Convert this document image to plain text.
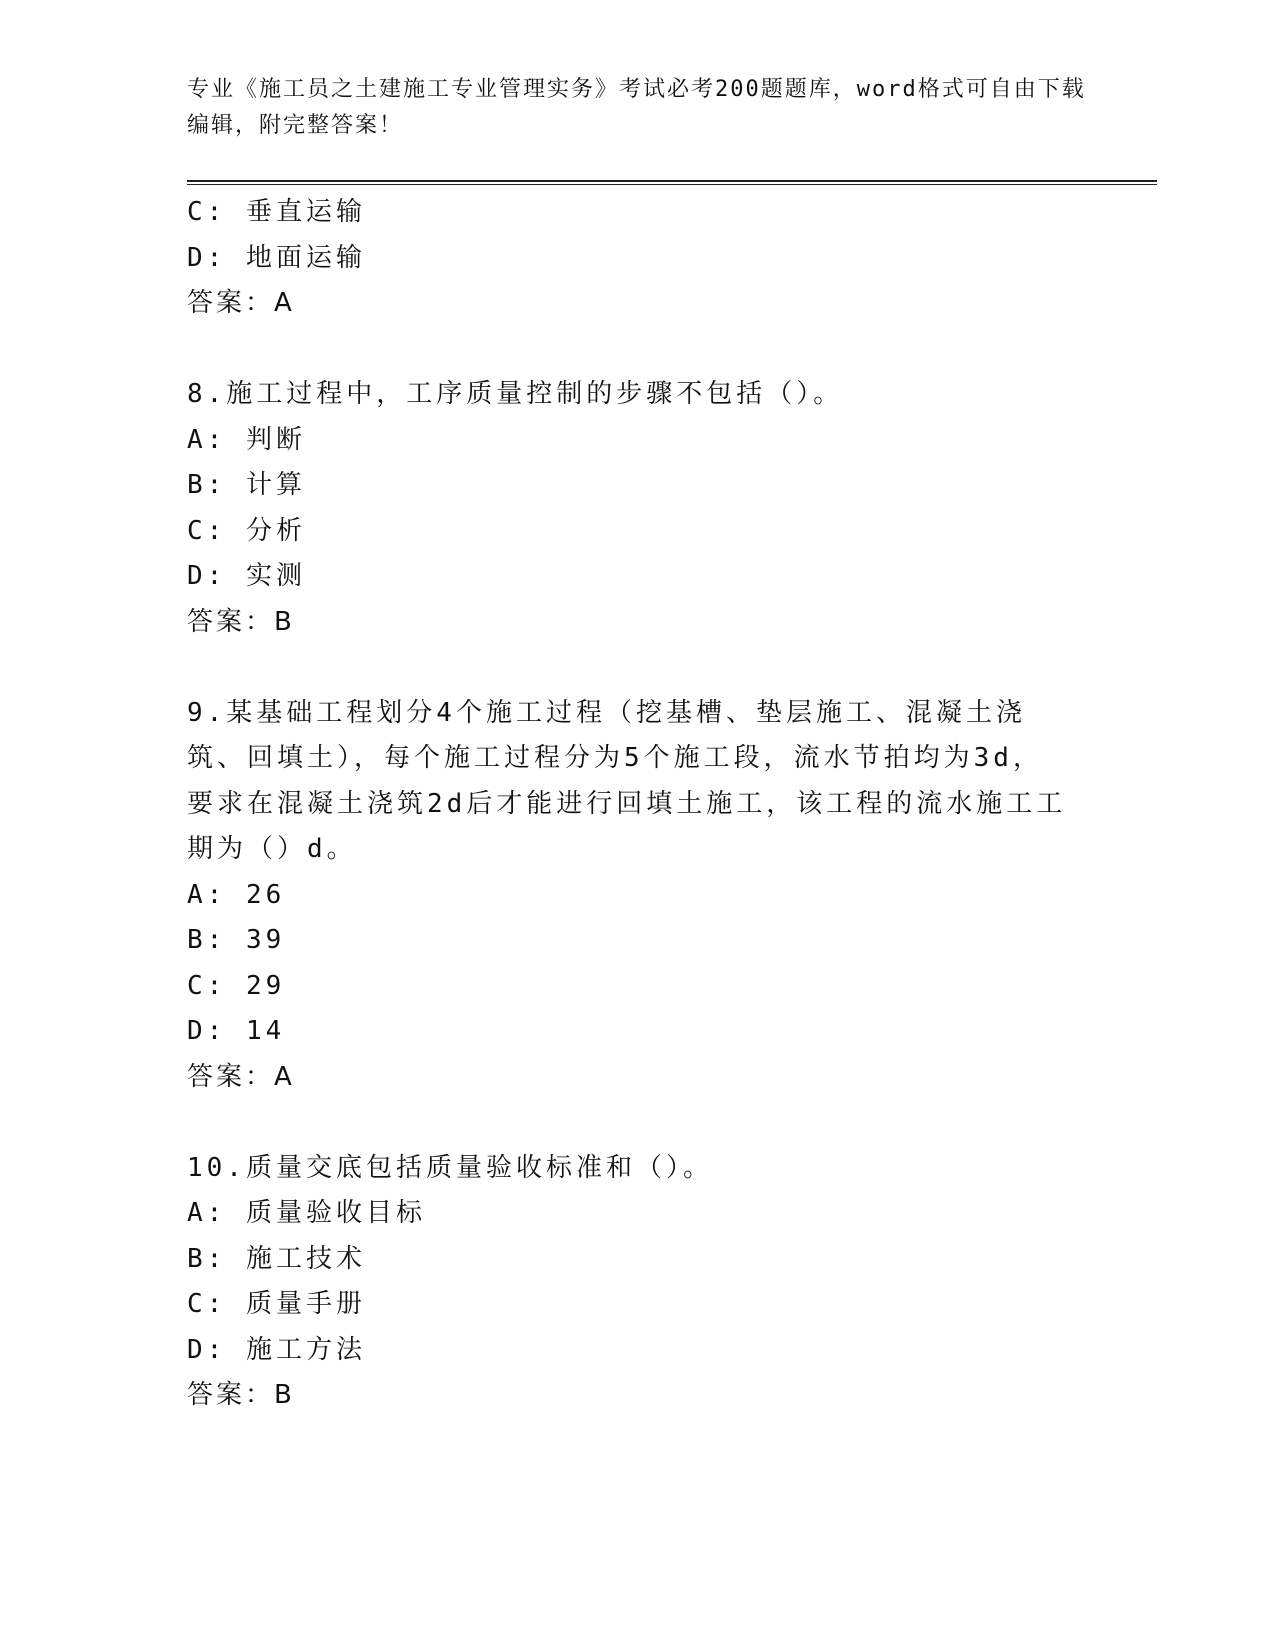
专业《施工员之土建施工专业管理实务》考试必考200题题库，word格式可自由下载编辑，附完整答案！
C: 垂直运输
D: 地面运输
答案：A
8.施工过程中，工序质量控制的步骤不包括（）。
A: 判断
B: 计算
C: 分析
D: 实测
答案：B
9.某基础工程划分4个施工过程（挖基槽、垫层施工、混凝土浇筑、回填土），每个施工过程分为5个施工段，流水节拍均为3d，要求在混凝土浇筑2d后才能进行回填土施工，该工程的流水施工工期为（）d。
A: 26
B: 39
C: 29
D: 14
答案：A
10.质量交底包括质量验收标准和（）。
A: 质量验收目标
B: 施工技术
C: 质量手册
D: 施工方法
答案：B
